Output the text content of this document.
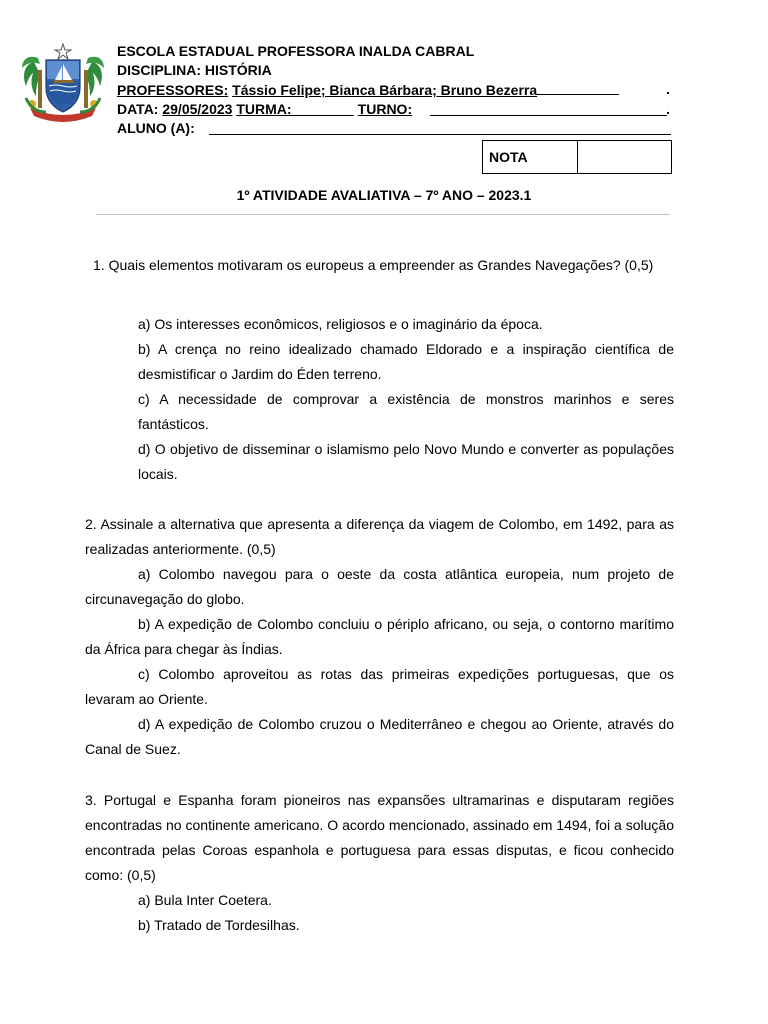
ESCOLA ESTADUAL PROFESSORA INALDA CABRAL
DISCIPLINA: HISTÓRIA
PROFESSORES: Tássio Felipe; Bianca Bárbara; Bruno Bezerra	.
DATA: 29/05/2023 TURMA:	TURNO:	.
ALUNO (A):
NOTA
1º ATIVIDADE AVALIATIVA – 7º ANO – 2023.1
1. Quais elementos motivaram os europeus a empreender as Grandes Navegações? (0,5)

a) Os interesses econômicos, religiosos e o imaginário da época.

b) A crença no reino idealizado chamado Eldorado e a inspiração científica de desmistificar o Jardim do Éden terreno.

c) A necessidade de comprovar a existência de monstros marinhos e seres fantásticos.

d) O objetivo de disseminar o islamismo pelo Novo Mundo e converter as populações locais.

2. Assinale a alternativa que apresenta a diferença da viagem de Colombo, em 1492, para as realizadas anteriormente. (0,5)

a) Colombo navegou para o oeste da costa atlântica europeia, num projeto de circunavegação do globo.

b) A expedição de Colombo concluiu o périplo africano, ou seja, o contorno marítimo da África para chegar às Índias.

c) Colombo aproveitou as rotas das primeiras expedições portuguesas, que os levaram ao Oriente.

d) A expedição de Colombo cruzou o Mediterrâneo e chegou ao Oriente, através do Canal de Suez.

3. Portugal e Espanha foram pioneiros nas expansões ultramarinas e disputaram regiões encontradas no continente americano. O acordo mencionado, assinado em 1494, foi a solução encontrada pelas Coroas espanhola e portuguesa para essas disputas, e ficou conhecido como: (0,5)

a) Bula Inter Coetera.

b) Tratado de Tordesilhas.
